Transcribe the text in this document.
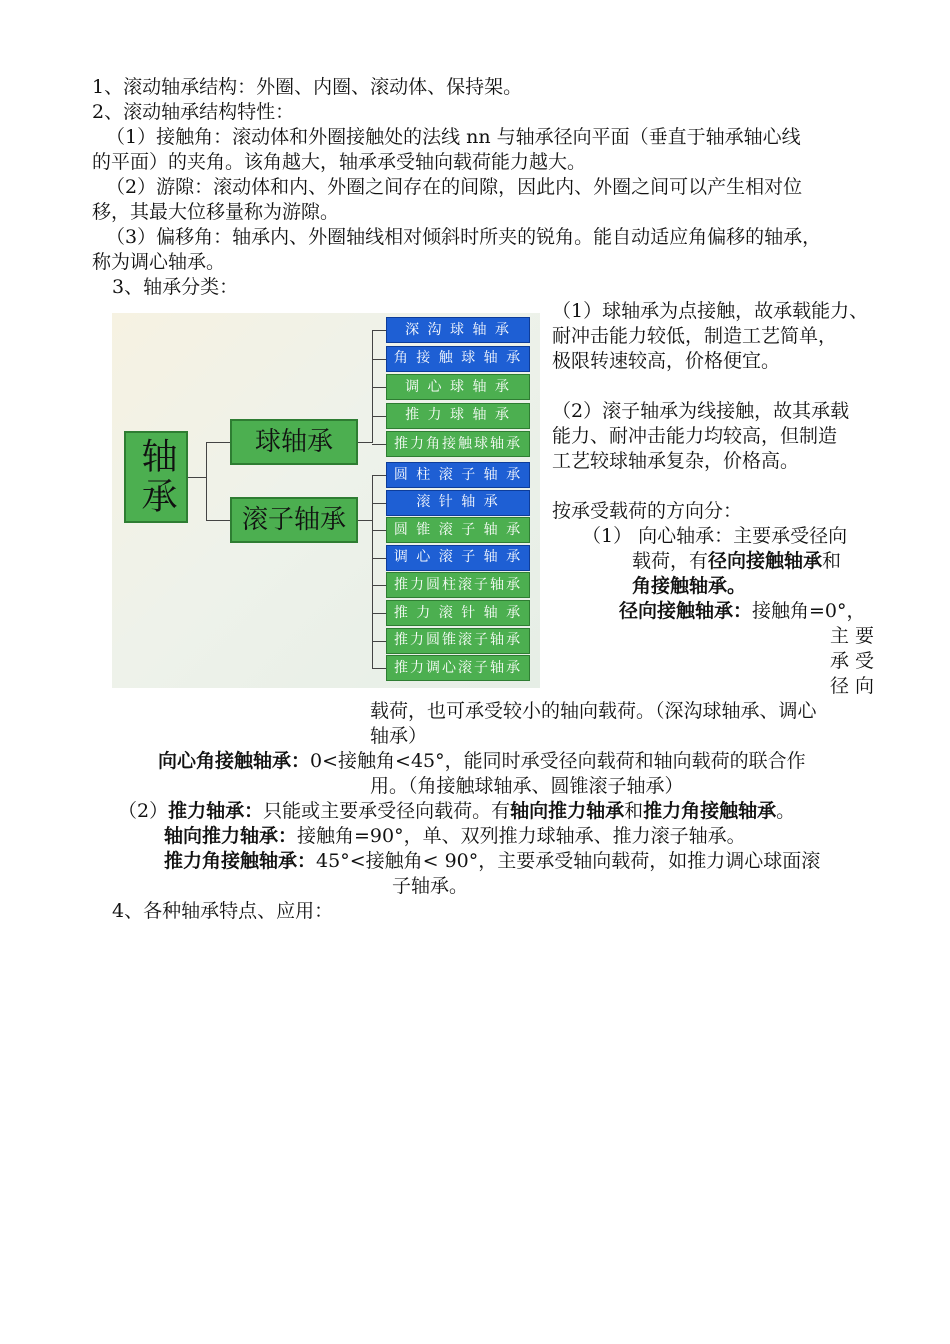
1、滚动轴承结构：外圈、内圈、滚动体、保持架。
2、滚动轴承结构特性：
（1）接触角：滚动体和外圈接触处的法线 nn 与轴承径向平面（垂直于轴承轴心线
的平面）的夹角。该角越大，轴承承受轴向载荷能力越大。
（2）游隙：滚动体和内、外圈之间存在的间隙，因此内、外圈之间可以产生相对位
移，其最大位移量称为游隙。
（3）偏移角：轴承内、外圈轴线相对倾斜时所夹的锐角。能自动适应角偏移的轴承，
称为调心轴承。
3、轴承分类：
轴承	球轴承
滚子轴承
深 沟 球 轴 承
角 接 触 球 轴 承
调 心 球 轴 承
推 力 球 轴 承
推力角接触球轴承
圆 柱 滚 子 轴 承
滚 针 轴 承
圆 锥 滚 子 轴 承
调 心 滚 子 轴 承
推力圆柱滚子轴承
推 力 滚 针 轴 承
推力圆锥滚子轴承
推力调心滚子轴承
（1）球轴承为点接触，故承载能力、
耐冲击能力较低，制造工艺简单，
极限转速较高，价格便宜。
（2）滚子轴承为线接触，故其承载
能力、耐冲击能力均较高，但制造
工艺较球轴承复杂，价格高。
按承受载荷的方向分：
（1） 向心轴承：主要承受径向
载荷，有径向接触轴承和
角接触轴承。
径向接触轴承：接触角=0°，
主 要
承 受
径 向
载荷，也可承受较小的轴向载荷。（深沟球轴承、调心
轴承）
向心角接触轴承：0<接触角<45°，能同时承受径向载荷和轴向载荷的联合作
用。（角接触球轴承、圆锥滚子轴承）
（2）推力轴承：只能或主要承受径向载荷。有轴向推力轴承和推力角接触轴承。
轴向推力轴承：接触角=90°，单、双列推力球轴承、推力滚子轴承。
推力角接触轴承：45°<接触角< 90°，主要承受轴向载荷，如推力调心球面滚
子轴承。
4、各种轴承特点、应用：
